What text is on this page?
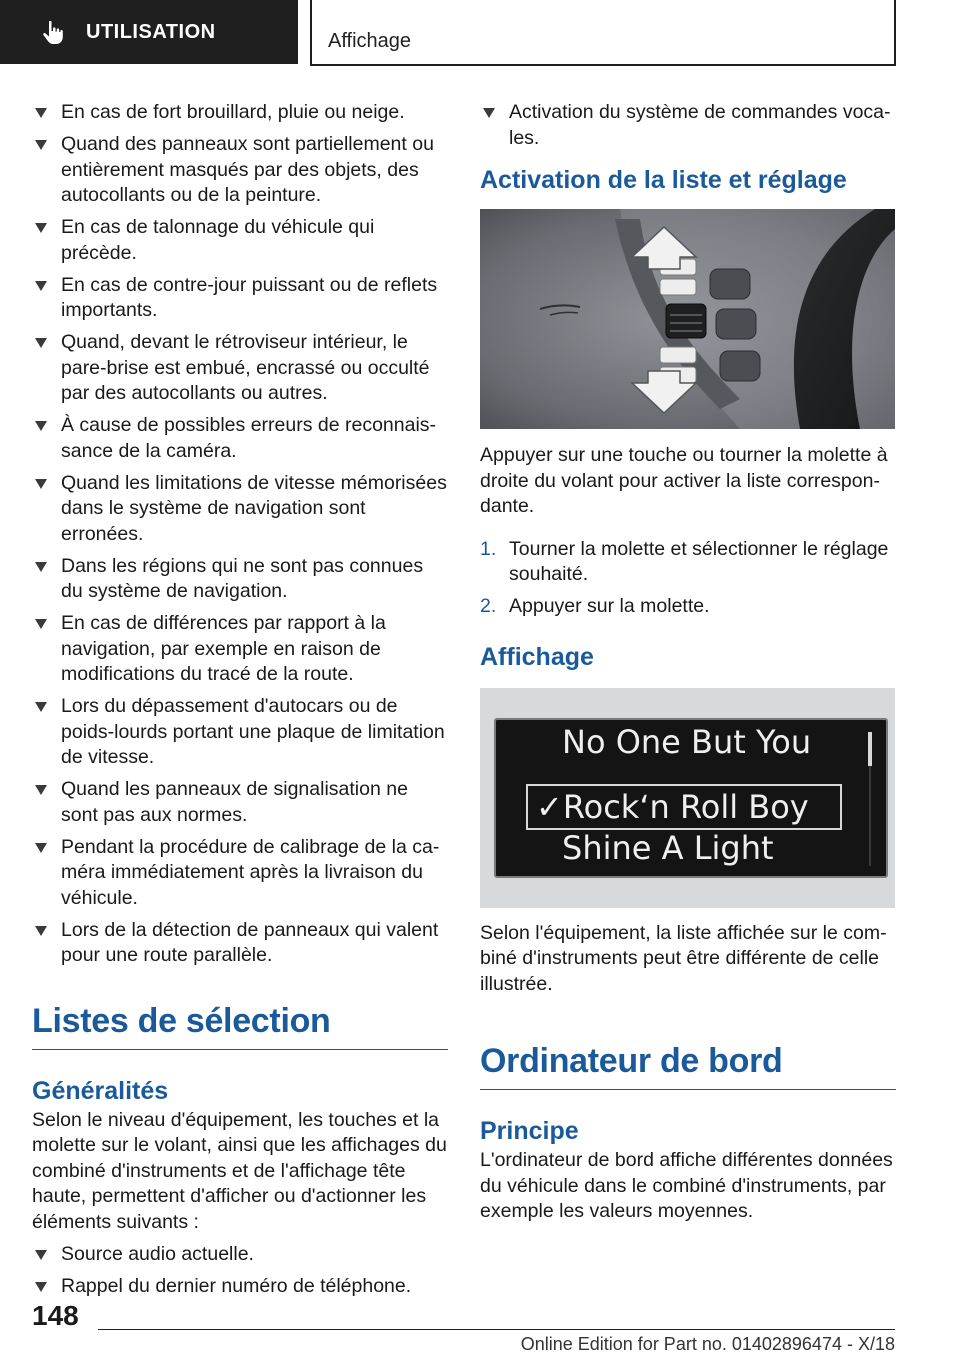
UTILISATION	Affichage
En cas de fort brouillard, pluie ou neige.
Quand des panneaux sont partiellement ou entièrement masqués par des objets, des autocollants ou de la peinture.
En cas de talonnage du véhicule qui précède.
En cas de contre-jour puissant ou de reflets importants.
Quand, devant le rétroviseur intérieur, le pare-brise est embué, encrassé ou occulté par des autocollants ou autres.
À cause de possibles erreurs de reconnaissance de la caméra.
Quand les limitations de vitesse mémorisées dans le système de navigation sont erronées.
Dans les régions qui ne sont pas connues du système de navigation.
En cas de différences par rapport à la navigation, par exemple en raison de modifications du tracé de la route.
Lors du dépassement d'autocars ou de poids-lourds portant une plaque de limitation de vitesse.
Quand les panneaux de signalisation ne sont pas aux normes.
Pendant la procédure de calibrage de la caméra immédiatement après la livraison du véhicule.
Lors de la détection de panneaux qui valent pour une route parallèle.
Listes de sélection
Généralités

Selon le niveau d'équipement, les touches et la molette sur le volant, ainsi que les affichages du combiné d'instruments et de l'affichage tête haute, permettent d'afficher ou d'actionner les éléments suivants :

Source audio actuelle.
Rappel du dernier numéro de téléphone.
Activation du système de commandes vocales.
Activation de la liste et réglage

Appuyer sur une touche ou tourner la molette à droite du volant pour activer la liste correspondante.

1. Tourner la molette et sélectionner le réglage souhaité.
2. Appuyer sur la molette.
Affichage
No One But You
✓Rock‘n Roll Boy
Shine A Light

Selon l'équipement, la liste affichée sur le combiné d'instruments peut être différente de celle illustrée.

Ordinateur de bord
Principe

L'ordinateur de bord affiche différentes données du véhicule dans le combiné d'instruments, par exemple les valeurs moyennes.

148
Online Edition for Part no. 01402896474 - X/18
